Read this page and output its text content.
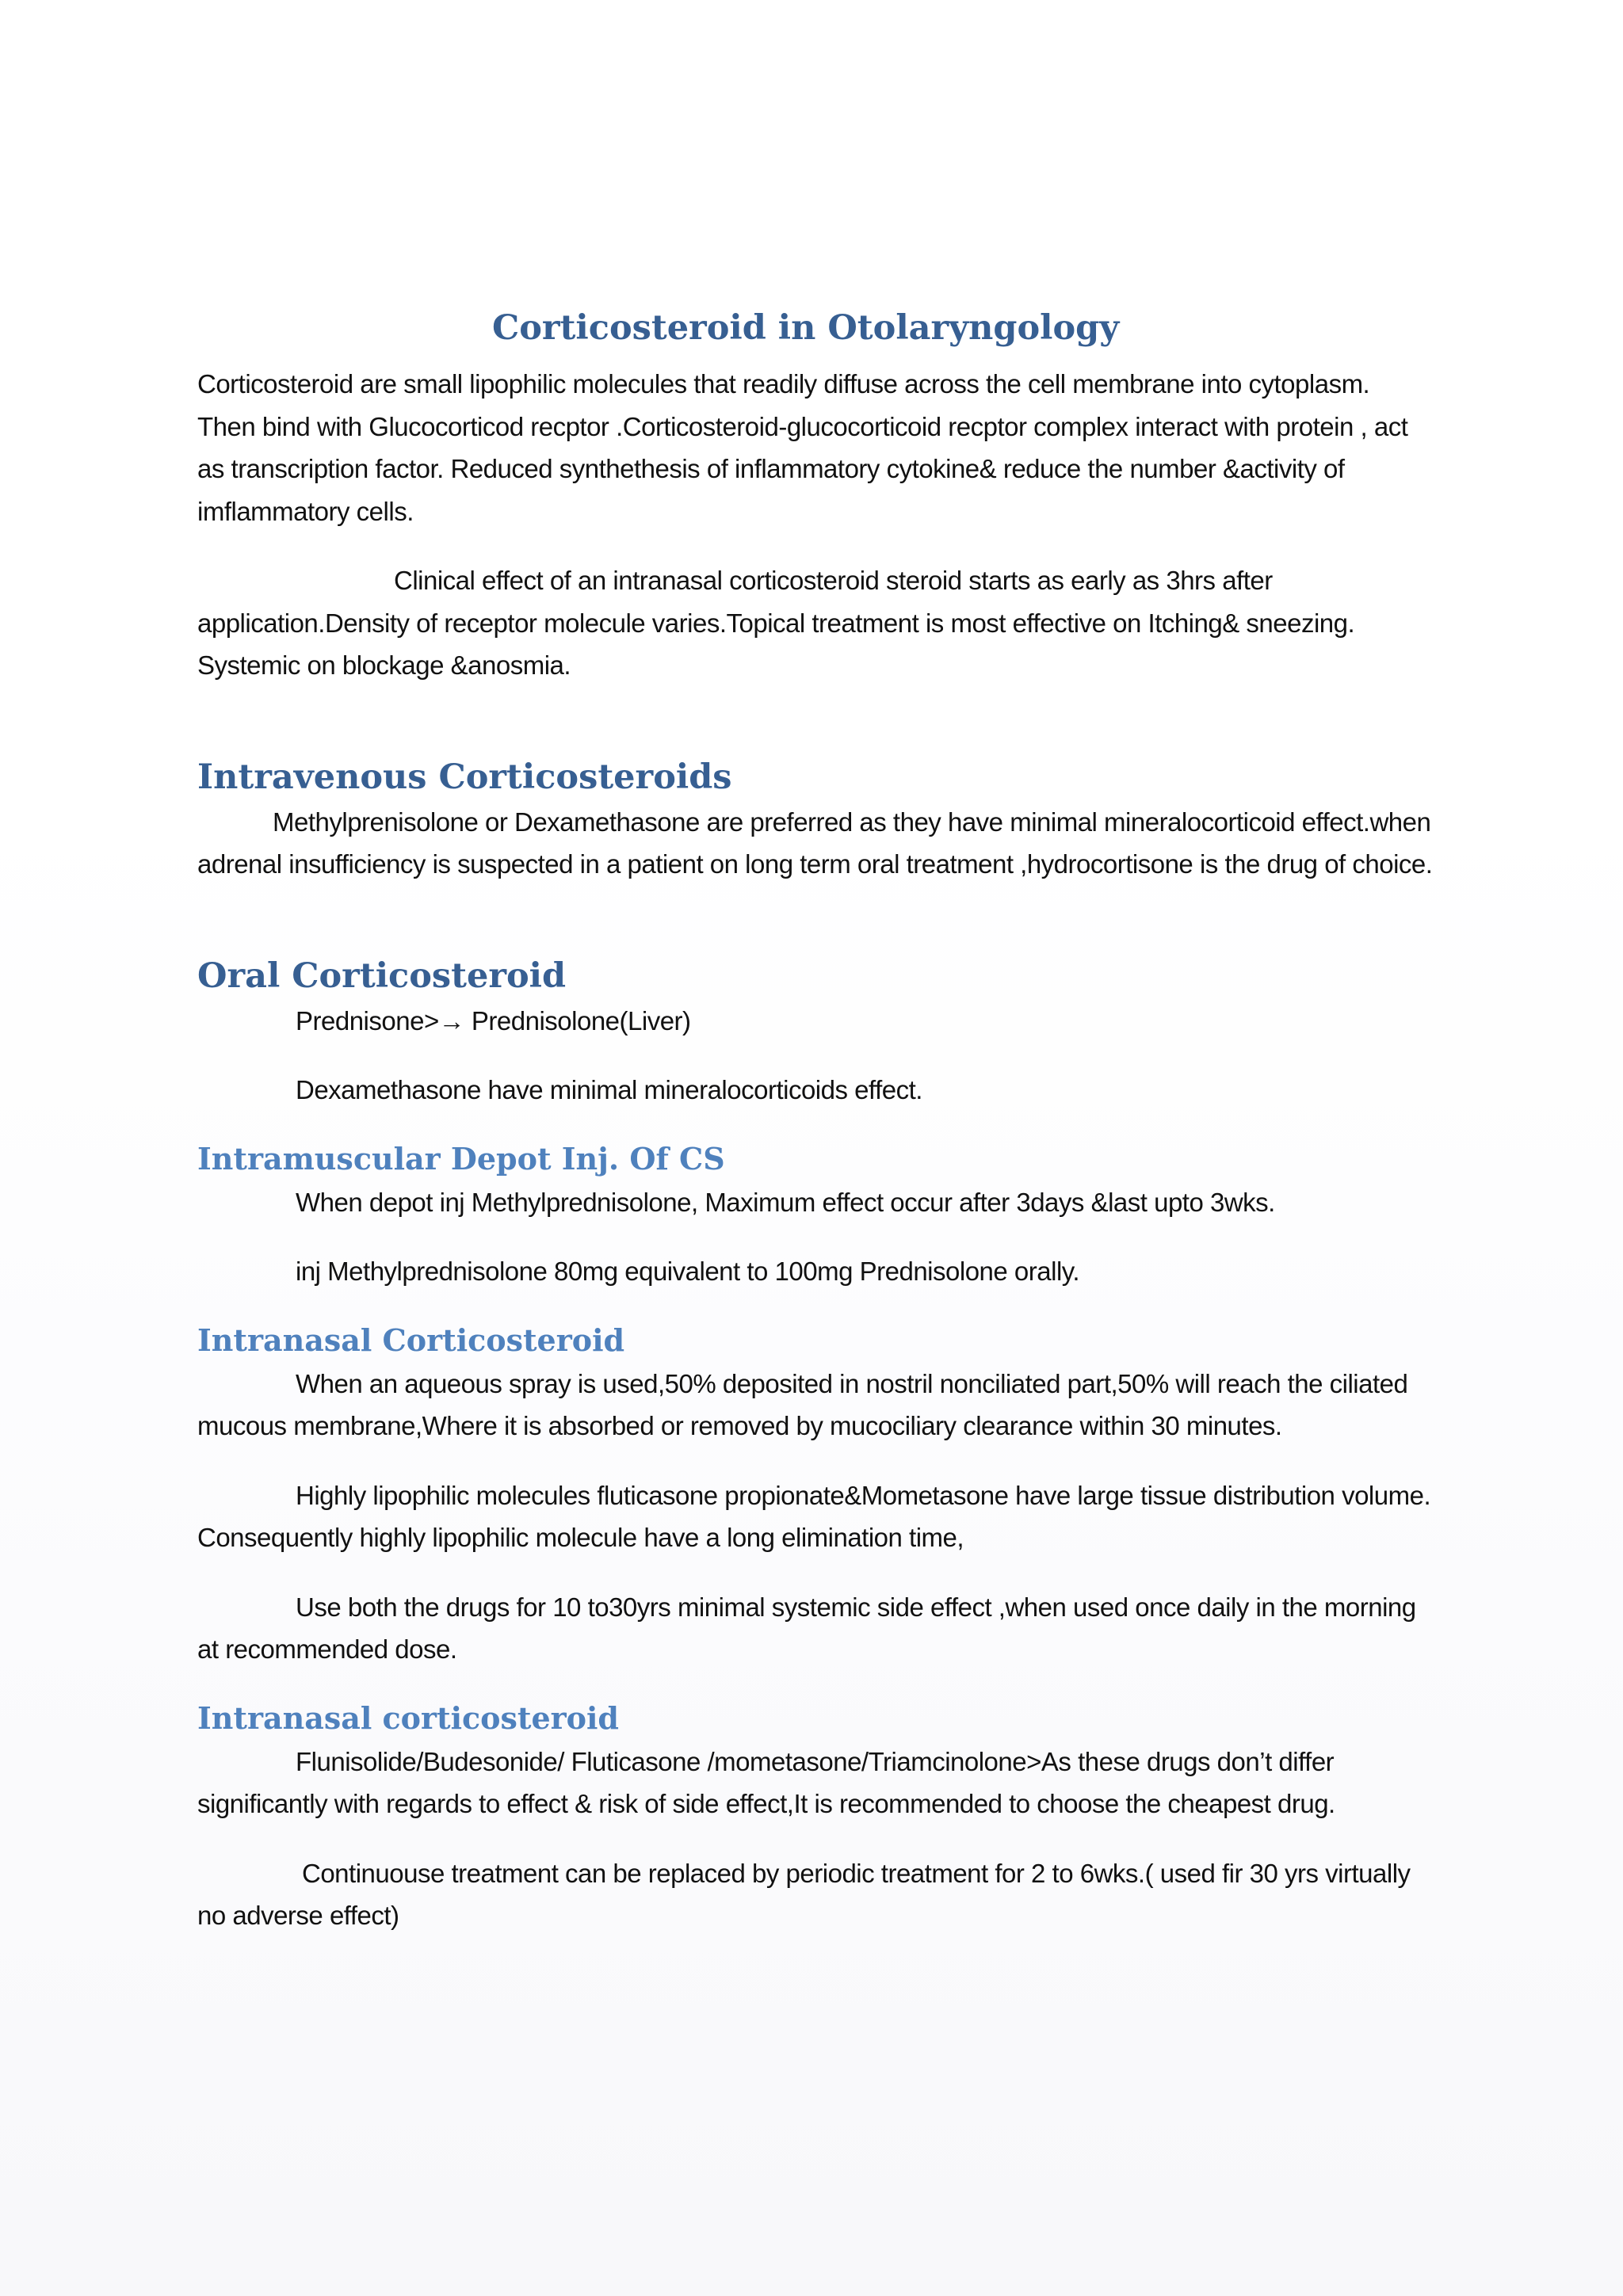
Corticosteroid in Otolaryngology

Corticosteroid are small lipophilic molecules that readily diffuse across the cell membrane into cytoplasm. Then bind with Glucocorticod recptor .Corticosteroid-glucocorticoid recptor complex interact with protein , act as transcription factor. Reduced synthethesis of inflammatory cytokine& reduce the number &activity of imflammatory cells.

Clinical effect of an intranasal corticosteroid steroid starts as early as 3hrs after application.Density of receptor molecule varies.Topical treatment is most effective on Itching& sneezing. Systemic on blockage &anosmia.

Intravenous Corticosteroids

Methylprenisolone or Dexamethasone are preferred as they have minimal mineralocorticoid effect.when adrenal insufficiency is suspected in a patient on long term oral treatment ,hydrocortisone is the drug of choice.

Oral Corticosteroid

Prednisone>→ Prednisolone(Liver)

Dexamethasone have minimal mineralocorticoids effect.

Intramuscular Depot Inj. Of CS

When depot inj Methylprednisolone, Maximum effect occur after 3days &last upto 3wks.

inj Methylprednisolone 80mg equivalent to 100mg Prednisolone orally.

Intranasal Corticosteroid

When an aqueous spray is used,50% deposited in nostril nonciliated part,50% will reach the ciliated mucous membrane,Where it is absorbed or removed by mucociliary clearance within 30 minutes.

Highly lipophilic molecules fluticasone propionate&Mometasone have large tissue distribution volume. Consequently highly lipophilic molecule have a long elimination time,

Use both the drugs for 10 to30yrs minimal systemic side effect ,when used once daily in the morning at recommended dose.

Intranasal corticosteroid

Flunisolide/Budesonide/ Fluticasone /mometasone/Triamcinolone>As these drugs don’t differ significantly with regards to effect & risk of side effect,It is recommended to choose the cheapest drug.

Continuouse treatment can be replaced by periodic treatment for 2 to 6wks.( used fir 30 yrs virtually no adverse effect)
